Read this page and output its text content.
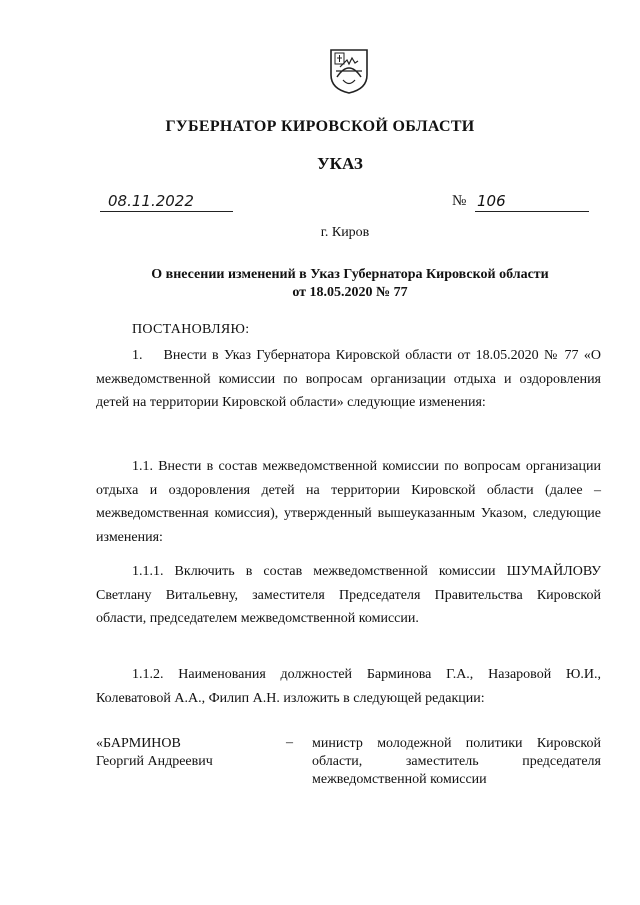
ГУБЕРНАТОР КИРОВСКОЙ ОБЛАСТИ
УКАЗ
08.11.2022	№ 106
г. Киров
О внесении изменений в Указ Губернатора Кировской области
от 18.05.2020 № 77
ПОСТАНОВЛЯЮ:
1.  Внести в Указ Губернатора Кировской области от 18.05.2020 № 77 «О межведомственной комиссии по вопросам организации отдыха и оздоровления детей на территории Кировской области» следующие изменения:
1.1. Внести в состав межведомственной комиссии по вопросам организации отдыха и оздоровления детей на территории Кировской области (далее – межведомственная комиссия), утвержденный вышеуказанным Указом, следующие изменения:
1.1.1. Включить в состав межведомственной комиссии ШУМАЙЛОВУ Светлану Витальевну, заместителя Председателя Правительства Кировской области, председателем межведомственной комиссии.
1.1.2. Наименования должностей Барминова Г.А., Назаровой Ю.И., Колеватовой А.А., Филип А.Н. изложить в следующей редакции:
«БАРМИНОВ
Георгий Андреевич
– министр молодежной политики Кировской области, заместитель председателя межведомственной комиссии
